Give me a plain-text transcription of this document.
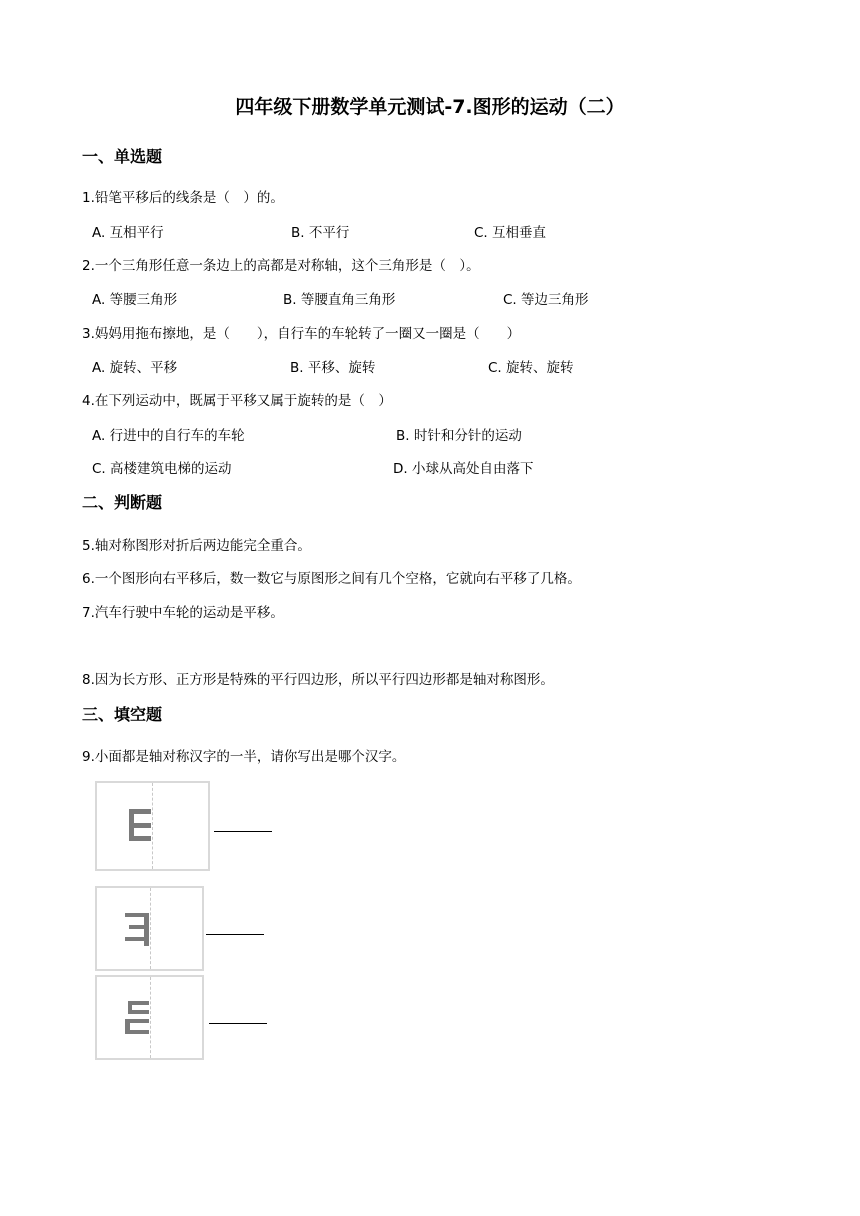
四年级下册数学单元测试-7.图形的运动（二）
一、单选题
1.铅笔平移后的线条是（　）的。
A. 互相平行	B. 不平行	C. 互相垂直
2.一个三角形任意一条边上的高都是对称轴，这个三角形是（　）。
A. 等腰三角形	B. 等腰直角三角形	C. 等边三角形
3.妈妈用拖布擦地，是（　　），自行车的车轮转了一圈又一圈是（　　）
A. 旋转、平移	B. 平移、旋转	C. 旋转、旋转
4.在下列运动中，既属于平移又属于旋转的是（　）
A. 行进中的自行车的车轮	B. 时针和分针的运动
C. 高楼建筑电梯的运动	D. 小球从高处自由落下
二、判断题
5.轴对称图形对折后两边能完全重合。
6.一个图形向右平移后，数一数它与原图形之间有几个空格，它就向右平移了几格。
7.汽车行驶中车轮的运动是平移。
8.因为长方形、正方形是特殊的平行四边形，所以平行四边形都是轴对称图形。
三、填空题
9.小面都是轴对称汉字的一半，请你写出是哪个汉字。
